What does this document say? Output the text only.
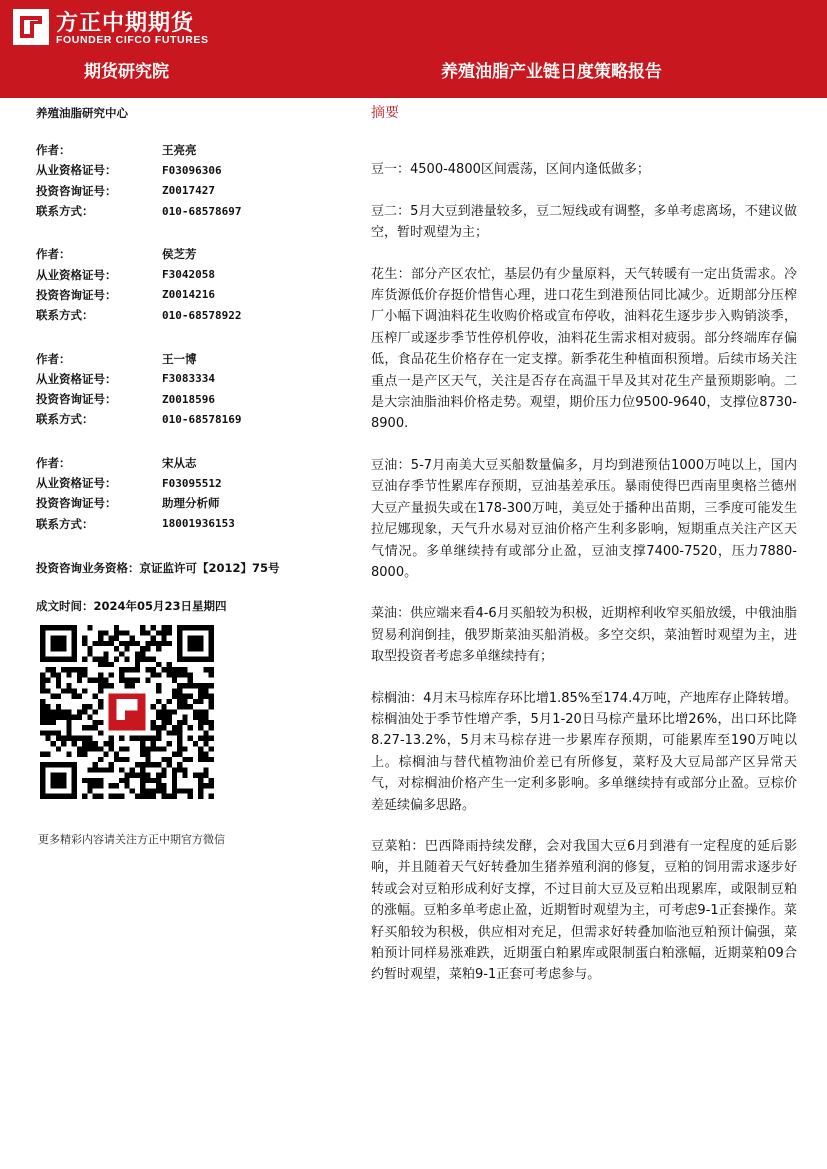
方正中期期货
FOUNDER CIFCO FUTURES
期货研究院	养殖油脂产业链日度策略报告
养殖油脂研究中心
作者：	王亮亮
从业资格证号：	F03096306
投资咨询证号：	Z0017427
联系方式：	010-68578697
作者：	侯芝芳
从业资格证号：	F3042058
投资咨询证号：	Z0014216
联系方式：	010-68578922
作者：	王一博
从业资格证号：	F3083334
投资咨询证号：	Z0018596
联系方式：	010-68578169
作者：	宋从志
从业资格证号：	F03095512
投资咨询证号：	助理分析师
联系方式：	18001936153
投资咨询业务资格：京证监许可【2012】75号
成文时间：2024年05月23日星期四
更多精彩内容请关注方正中期官方微信
摘要

豆一：4500-4800区间震荡，区间内逢低做多；

豆二：5月大豆到港量较多，豆二短线或有调整，多单考虑离场，不建议做空，暂时观望为主；

花生：部分产区农忙，基层仍有少量原料，天气转暖有一定出货需求。冷库货源低价存挺价惜售心理，进口花生到港预估同比减少。近期部分压榨厂小幅下调油料花生收购价格或宣布停收，油料花生逐步步入购销淡季，压榨厂或逐步季节性停机停收，油料花生需求相对疲弱。部分终端库存偏低，食品花生价格存在一定支撑。新季花生种植面积预增。后续市场关注重点一是产区天气，关注是否存在高温干旱及其对花生产量预期影响。二是大宗油脂油料价格走势。观望，期价压力位9500-9640，支撑位8730-8900.

豆油：5-7月南美大豆买船数量偏多，月均到港预估1000万吨以上，国内豆油存季节性累库存预期，豆油基差承压。暴雨使得巴西南里奥格兰德州大豆产量损失或在178-300万吨，美豆处于播种出苗期，三季度可能发生拉尼娜现象，天气升水易对豆油价格产生利多影响，短期重点关注产区天气情况。多单继续持有或部分止盈，豆油支撑7400-7520，压力7880-8000。

菜油：供应端来看4-6月买船较为积极，近期榨利收窄买船放缓，中俄油脂贸易利润倒挂，俄罗斯菜油买船消极。多空交织，菜油暂时观望为主，进取型投资者考虑多单继续持有；

棕榈油：4月末马棕库存环比增1.85%至174.4万吨，产地库存止降转增。棕榈油处于季节性增产季，5月1-20日马棕产量环比增26%，出口环比降8.27-13.2%，5月末马棕存进一步累库存预期，可能累库至190万吨以上。棕榈油与替代植物油价差已有所修复，菜籽及大豆局部产区异常天气，对棕榈油价格产生一定利多影响。多单继续持有或部分止盈。豆棕价差延续偏多思路。

豆菜粕：巴西降雨持续发酵，会对我国大豆6月到港有一定程度的延后影响，并且随着天气好转叠加生猪养殖利润的修复，豆粕的饲用需求逐步好转或会对豆粕形成利好支撑，不过目前大豆及豆粕出现累库，或限制豆粕的涨幅。豆粕多单考虑止盈，近期暂时观望为主，可考虑9-1正套操作。菜籽买船较为积极，供应相对充足，但需求好转叠加临池豆粕预计偏强，菜粕预计同样易涨难跌，近期蛋白粕累库或限制蛋白粕涨幅，近期菜粕09合约暂时观望，菜粕9-1正套可考虑参与。
